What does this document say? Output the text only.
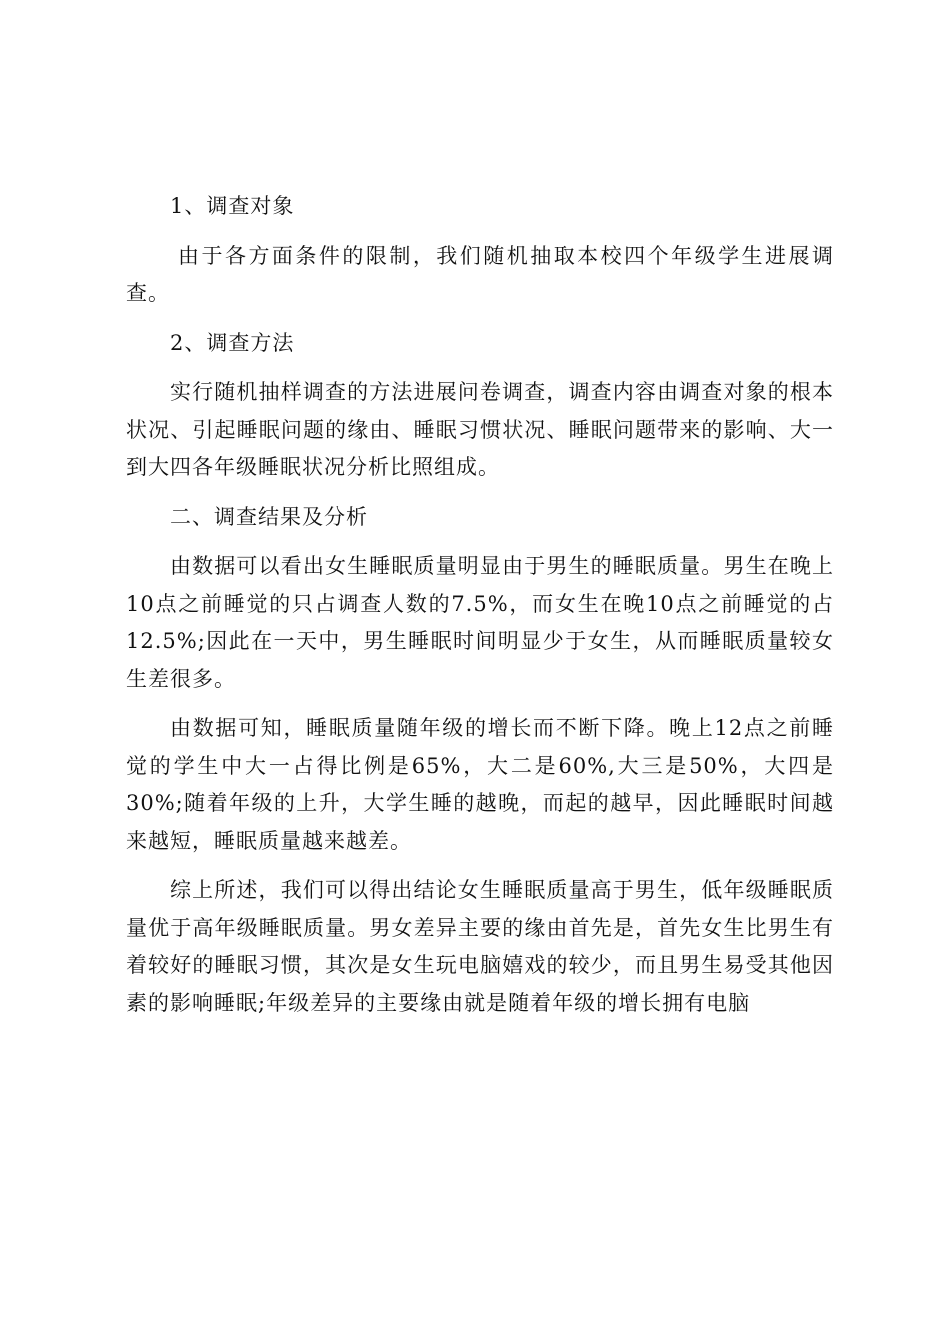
1、调查对象

由于各方面条件的限制，我们随机抽取本校四个年级学生进展调查。

2、调查方法

实行随机抽样调查的方法进展问卷调查，调查内容由调查对象的根本状况、引起睡眠问题的缘由、睡眠习惯状况、睡眠问题带来的影响、大一到大四各年级睡眠状况分析比照组成。

二、调查结果及分析

由数据可以看出女生睡眠质量明显由于男生的睡眠质量。男生在晚上10点之前睡觉的只占调查人数的7.5%，而女生在晚10点之前睡觉的占12.5%;因此在一天中，男生睡眠时间明显少于女生，从而睡眠质量较女生差很多。

由数据可知，睡眠质量随年级的增长而不断下降。晚上12点之前睡觉的学生中大一占得比例是65%，大二是60%,大三是50%，大四是30%;随着年级的上升，大学生睡的越晚，而起的越早，因此睡眠时间越来越短，睡眠质量越来越差。

综上所述，我们可以得出结论女生睡眠质量高于男生，低年级睡眠质量优于高年级睡眠质量。男女差异主要的缘由首先是，首先女生比男生有着较好的睡眠习惯，其次是女生玩电脑嬉戏的较少，而且男生易受其他因素的影响睡眠;年级差异的主要缘由就是随着年级的增长拥有电脑
